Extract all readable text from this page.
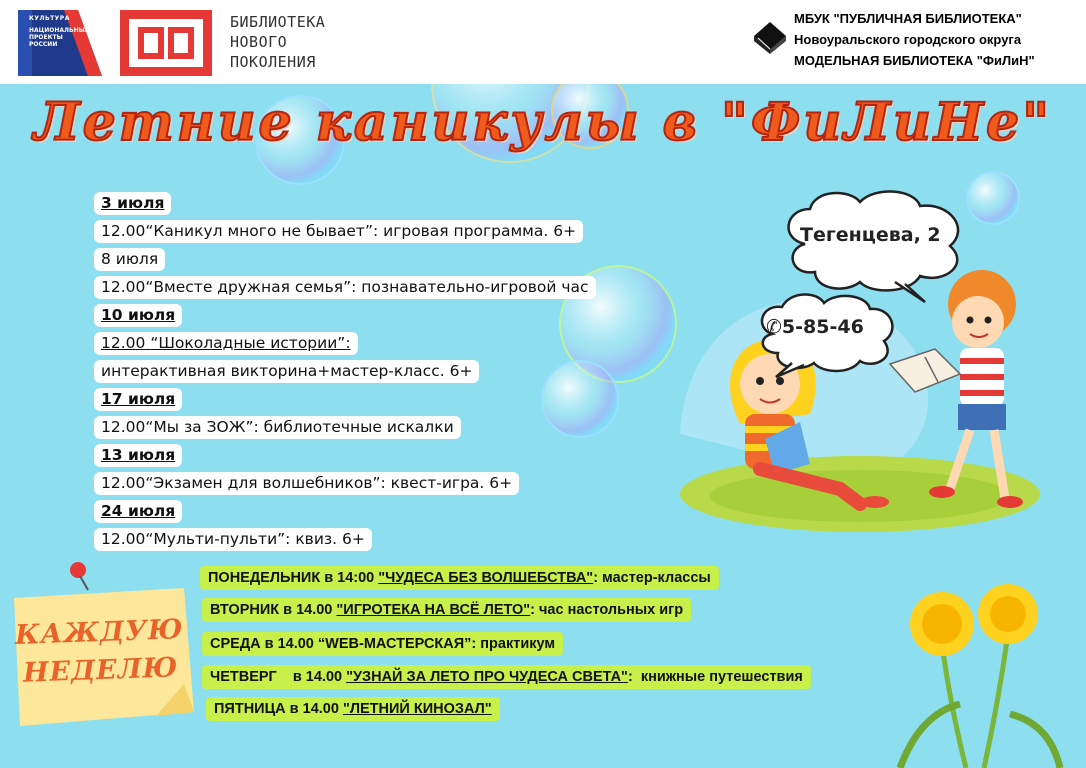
КУЛЬТУРА
НАЦИОНАЛЬНЫЕ ПРОЕКТЫ РОССИИ
БИБЛИОТЕКА
НОВОГО
ПОКОЛЕНИЯ
МБУК "ПУБЛИЧНАЯ БИБЛИОТЕКА"
Новоуральского городского округа
МОДЕЛЬНАЯ БИБЛИОТЕКА "ФиЛиН"
Летние каникулы в "ФиЛиНе"
3 июля
12.00“Каникул много не бывает”: игровая программа. 6+
8 июля
12.00“Вместе дружная семья”: познавательно-игровой час
10 июля
12.00 “Шоколадные истории”:
интерактивная викторина+мастер-класс. 6+
17 июля
12.00“Мы за ЗОЖ”: библиотечные искалки
13 июля
12.00“Экзамен для волшебников”: квест-игра. 6+
24 июля
12.00“Мульти-пульти”: квиз. 6+
Тегенцева, 2
✆5-85-46
КАЖДУЮ
НЕДЕЛЮ
ПОНЕДЕЛЬНИК в 14:00 "ЧУДЕСА БЕЗ ВОЛШЕБСТВА": мастер-классы
ВТОРНИК в 14.00 "ИГРОТЕКА НА ВСЁ ЛЕТО": час настольных игр
СРЕДА в 14.00 “WEB-МАСТЕРСКАЯ”: практикум
ЧЕТВЕРГ    в 14.00 "УЗНАЙ ЗА ЛЕТО ПРО ЧУДЕСА СВЕТА":  книжные путешествия
ПЯТНИЦА в 14.00 "ЛЕТНИЙ КИНОЗАЛ"
